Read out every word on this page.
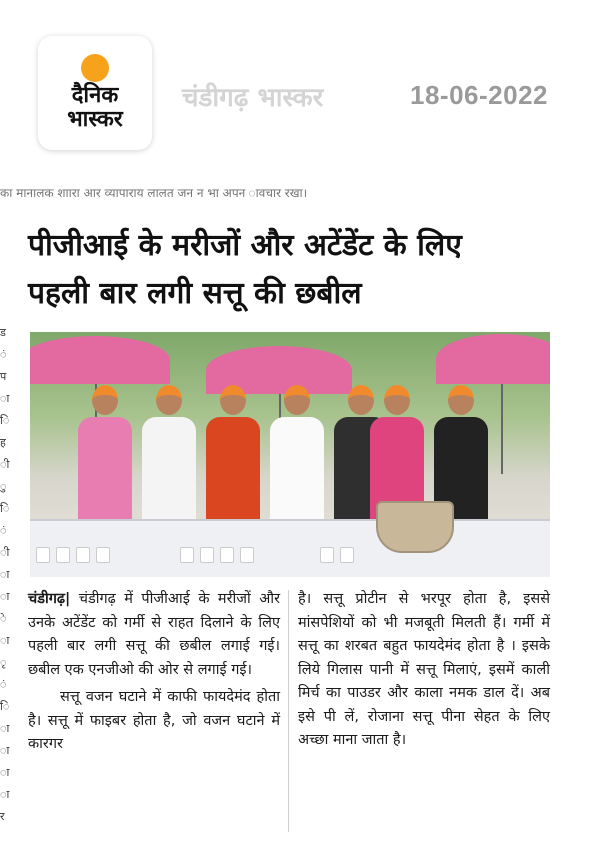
दैनिक
भास्कर
चंडीगढ़ भास्कर	18-06-2022
का मानालक शाारा आर व्यापाराय लालत जन न भा अपन ावचार रखा।
ड
ं
प
ा
ि
ह
ी
ु
ि
ं
ी
ा
ा
े
ा
ृ
ं
ि
ा
ा
ा
ा
र
पीजीआई के मरीजों और अटेंडेंट के लिए
पहली बार लगी सत्तू की छबील
चंडीगढ़| चंडीगढ़ में पीजीआई के मरीजों और उनके अटेंडेंट को गर्मी से राहत दिलाने के लिए पहली बार लगी सत्तू की छबील लगाई गई। छबील एक एनजीओ की ओर से लगाई गई।
सत्तू वजन घटाने में काफी फायदेमंद होता है। सत्तू में फाइबर होता है, जो वजन घटाने में कारगर
है। सत्तू प्रोटीन से भरपूर होता है, इससे मांसपेशियों को भी मजबूती मिलती हैं। गर्मी में सत्तू का शरबत बहुत फायदेमंद होता है । इसके लिये गिलास पानी में सत्तू मिलाएं, इसमें काली मिर्च का पाउडर और काला नमक डाल दें। अब इसे पी लें, रोजाना सत्तू पीना सेहत के लिए अच्छा माना जाता है।
